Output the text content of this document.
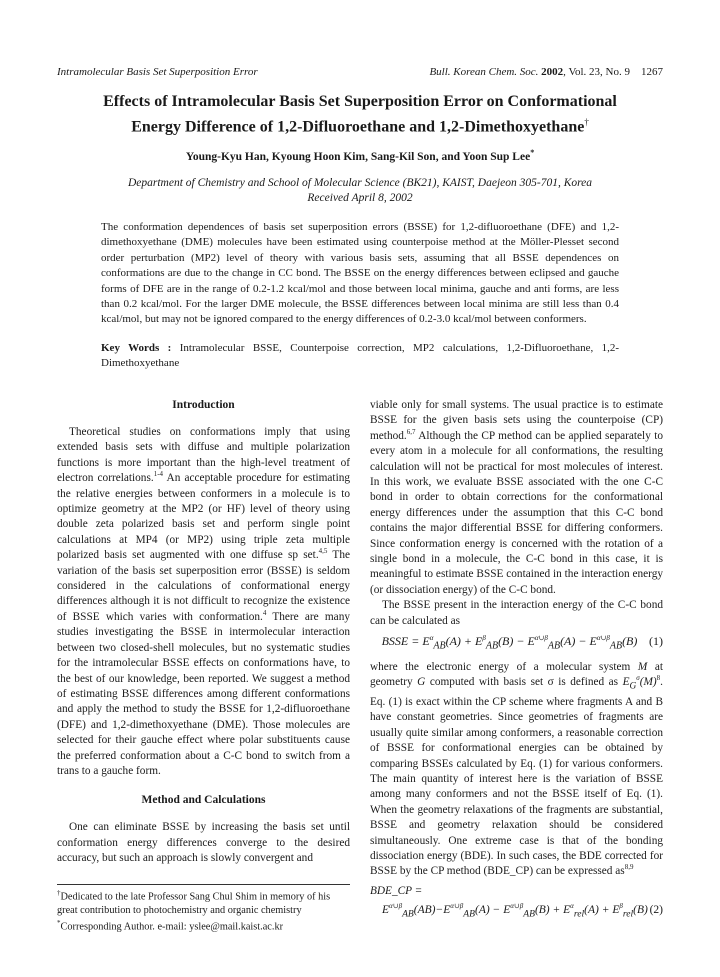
Intramolecular Basis Set Superposition Error	Bull. Korean Chem. Soc. 2002, Vol. 23, No. 9 1267
Effects of Intramolecular Basis Set Superposition Error on Conformational
Energy Difference of 1,2-Difluoroethane and 1,2-Dimethoxyethane†
Young-Kyu Han, Kyoung Hoon Kim, Sang-Kil Son, and Yoon Sup Lee*
Department of Chemistry and School of Molecular Science (BK21), KAIST, Daejeon 305-701, Korea
Received April 8, 2002
The conformation dependences of basis set superposition errors (BSSE) for 1,2-difluoroethane (DFE) and 1,2-dimethoxyethane (DME) molecules have been estimated using counterpoise method at the Möller-Plesset second order perturbation (MP2) level of theory with various basis sets, assuming that all BSSE dependences on conformations are due to the change in CC bond. The BSSE on the energy differences between eclipsed and gauche forms of DFE are in the range of 0.2-1.2 kcal/mol and those between local minima, gauche and anti forms, are less than 0.2 kcal/mol. For the larger DME molecule, the BSSE differences between local minima are still less than 0.4 kcal/mol, but may not be ignored compared to the energy differences of 0.2-3.0 kcal/mol between conformers.
Key Words : Intramolecular BSSE, Counterpoise correction, MP2 calculations, 1,2-Difluoroethane, 1,2-Dimethoxyethane
Introduction

Theoretical studies on conformations imply that using extended basis sets with diffuse and multiple polarization functions is more important than the high-level treatment of electron correlations.$^{1-4}$ An acceptable procedure for estimating the relative energies between conformers in a molecule is to optimize geometry at the MP2 (or HF) level of theory using double zeta polarized basis set and perform single point calculations at MP4 (or MP2) using triple zeta multiple polarized basis set augmented with one diffuse sp set.$^{4,5}$ The variation of the basis set superposition error (BSSE) is seldom considered in the calculations of conformational energy differences although it is not difficult to recognize the existence of BSSE which varies with conformation.$^4$ There are many studies investigating the BSSE in intermolecular interaction between two closed-shell molecules, but no systematic studies for the intramolecular BSSE effects on conformations have, to the best of our knowledge, been reported. We suggest a method of estimating BSSE differences among different conformations and apply the method to study the BSSE for 1,2-difluoroethane (DFE) and 1,2-dimethoxyethane (DME). Those molecules are selected for their gauche effect where polar substituents cause the preferred conformation about a C-C bond to switch from a trans to a gauche form.

Method and Calculations

One can eliminate BSSE by increasing the basis set until conformation energy differences converge to the desired accuracy, but such an approach is slowly convergent and

viable only for small systems. The usual practice is to estimate BSSE for the given basis sets using the counterpoise (CP) method.$^{6,7}$ Although the CP method can be applied separately to every atom in a molecule for all conformations, the resulting calculation will not be practical for most molecules of interest. In this work, we evaluate BSSE associated with the one C-C bond in order to obtain corrections for the conformational energy differences under the assumption that this C-C bond contains the major differential BSSE for differing conformers. Since conformation energy is concerned with the rotation of a single bond in a molecule, the C-C bond in this case, it is meaningful to estimate BSSE contained in the interaction energy (or dissociation energy) of the C-C bond.

The BSSE present in the interaction energy of the C-C bond can be calculated as

BSSE = $E^\alpha_{AB}(A) + E^\beta_{AB}(B) - E^{\alpha\cup\beta}_{AB}(A) - E^{\alpha\cup\beta}_{AB}(B)$ (1)

where the electronic energy of a molecular system M at geometry G computed with basis set σ is defined as $E_G^\sigma(M)^8$. Eq. (1) is exact within the CP scheme where fragments A and B have constant geometries. Since geometries of fragments are usually quite similar among conformers, a reasonable correction of BSSE for conformational energies can be obtained by comparing BSSEs calculated by Eq. (1) for various conformers. The main quantity of interest here is the variation of BSSE among many conformers and not the BSSE itself of Eq. (1). When the geometry relaxations of the fragments are substantial, BSSE and geometry relaxation should be considered simultaneously. One extreme case is that of the bonding dissociation energy (BDE). In such cases, the BDE corrected for BSSE by the CP method (BDE_CP) can be expressed as$^{8,9}$

BDE_CP =
$E^{\alpha\cup\beta}_{AB}(AB)-E^{\alpha\cup\beta}_{AB}(A) - E^{\alpha\cup\beta}_{AB}(B) + E^\alpha_{rel}(A) + E^\beta_{rel}(B)$ (2)
†Dedicated to the late Professor Sang Chul Shim in memory of his great contribution to photochemistry and organic chemistry
*Corresponding Author. e-mail: yslee@mail.kaist.ac.kr
